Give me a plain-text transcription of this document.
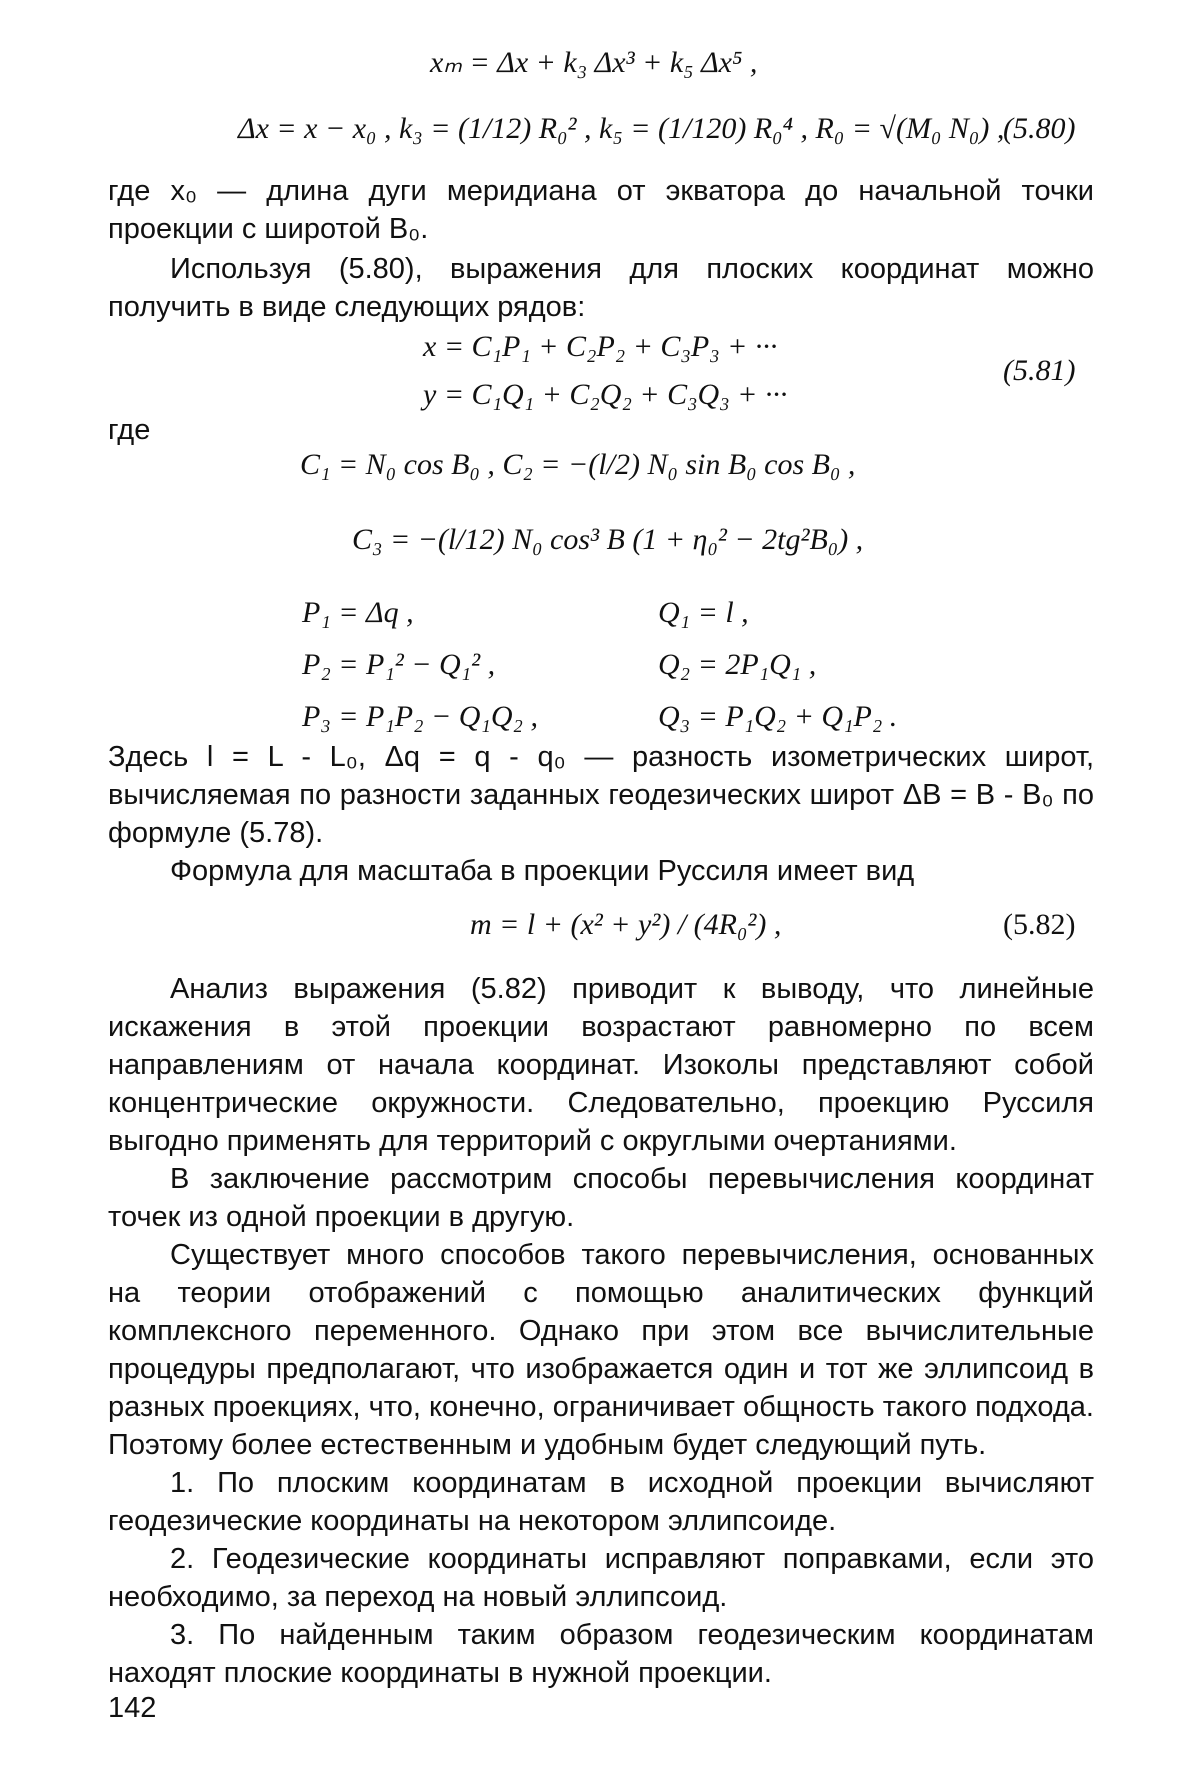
xₘ = Δx + k₃ Δx³ + k₅ Δx⁵ ,
Δx = x − x₀ , k₃ = (1/12) R₀² , k₅ = (1/120) R₀⁴ , R₀ = √(M₀ N₀) ,
(5.80)
где x₀ — длина дуги меридиана от экватора до начальной точки проекции с широтой B₀.
Используя (5.80), выражения для плоских координат можно получить в виде следующих рядов:
x = C₁P₁ + C₂P₂ + C₃P₃ + ···
y = C₁Q₁ + C₂Q₂ + C₃Q₃ + ···
(5.81)
где
C₁ = N₀ cos B₀ , C₂ = −(l/2) N₀ sin B₀ cos B₀ ,
C₃ = −(l/12) N₀ cos³ B (1 + η₀² − 2tg²B₀) ,
P₁ = Δq ,	Q₁ = l ,
P₂ = P₁² − Q₁² ,	Q₂ = 2P₁Q₁ ,
P₃ = P₁P₂ − Q₁Q₂ ,	Q₃ = P₁Q₂ + Q₁P₂ .
Здесь l = L - L₀, Δq = q - q₀ — разность изометрических широт, вычисляемая по разности заданных геодезических широт ΔB = B - B₀ по формуле (5.78).
Формула для масштаба в проекции Руссиля имеет вид
m = l + (x² + y²) / (4R₀²) ,	(5.82)
Анализ выражения (5.82) приводит к выводу, что линейные искажения в этой проекции возрастают равномерно по всем направлениям от начала координат. Изоколы представляют собой концентрические окружности. Следовательно, проекцию Руссиля выгодно применять для территорий с округлыми очертаниями.
В заключение рассмотрим способы перевычисления координат точек из одной проекции в другую.
Существует много способов такого перевычисления, основанных на теории отображений с помощью аналитических функций комплексного переменного. Однако при этом все вычислительные процедуры предполагают, что изображается один и тот же эллипсоид в разных проекциях, что, конечно, ограничивает общность такого подхода. Поэтому более естественным и удобным будет следующий путь.
1. По плоским координатам в исходной проекции вычисляют геодезические координаты на некотором эллипсоиде.
2. Геодезические координаты исправляют поправками, если это необходимо, за переход на новый эллипсоид.
3. По найденным таким образом геодезическим координатам находят плоские координаты в нужной проекции.
142
